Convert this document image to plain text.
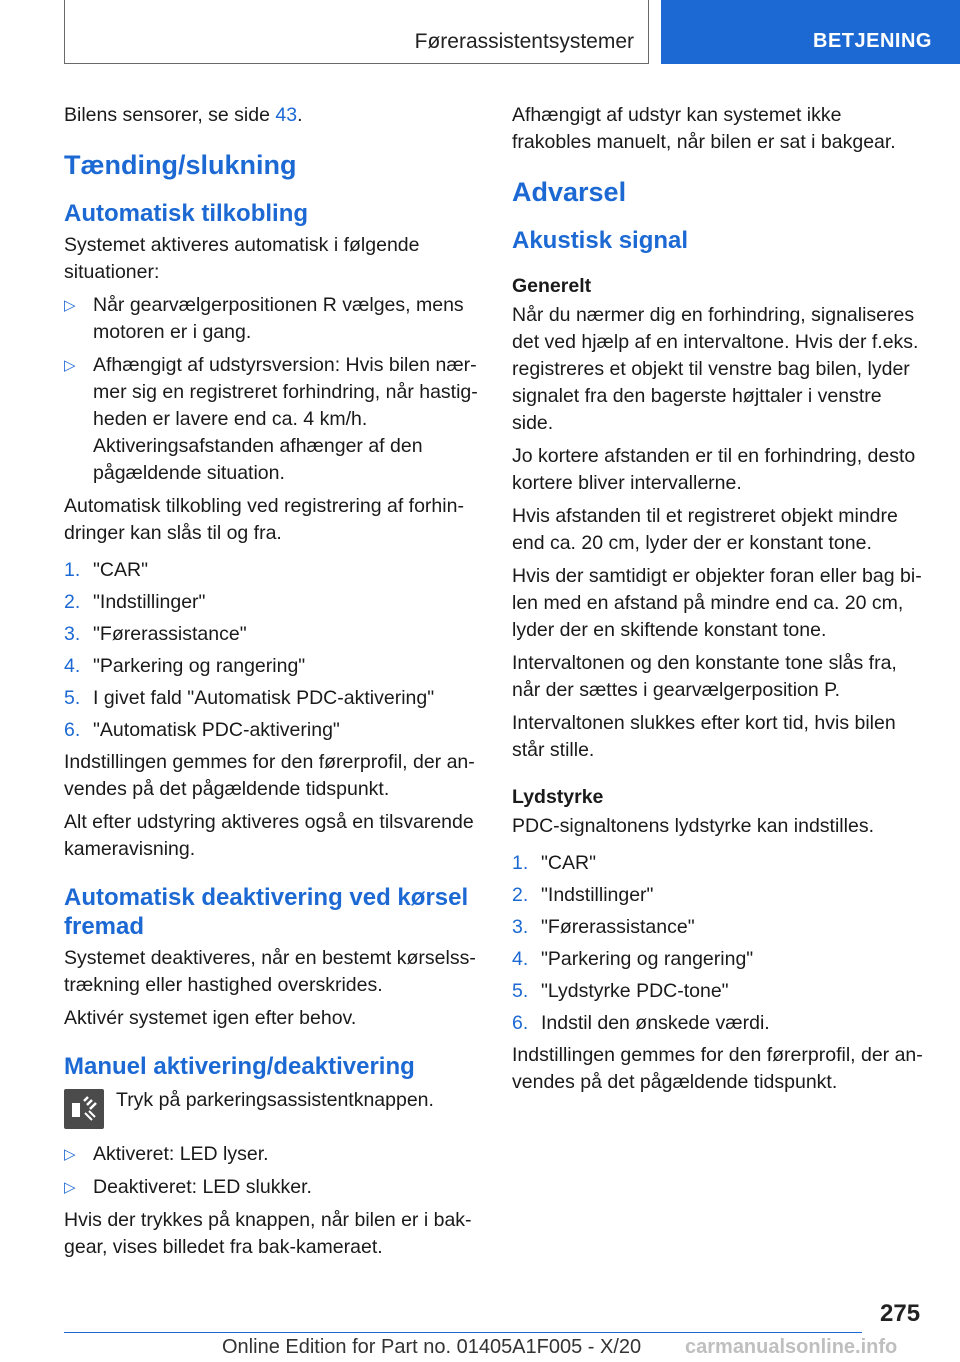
Førerassistentsystemer	BETJENING

Bilens sensorer, se side 43.

Tænding/slukning
Automatisk tilkobling

Systemet aktiveres automatisk i følgende situationer:

▷ Når gearvælgerpositionen R vælges, mens motoren er i gang.
▷ Afhængigt af udstyrsversion: Hvis bilen nærmer sig en registreret forhindring, når hastigheden er lavere end ca. 4 km/h. Aktiveringsafstanden afhænger af den pågældende situation.

Automatisk tilkobling ved registrering af forhindringer kan slås til og fra.

1. "CAR"
2. "Indstillinger"
3. "Førerassistance"
4. "Parkering og rangering"
5. I givet fald "Automatisk PDC-aktivering"
6. "Automatisk PDC-aktivering"

Indstillingen gemmes for den førerprofil, der anvendes på det pågældende tidspunkt.

Alt efter udstyring aktiveres også en tilsvarende kameravisning.

Automatisk deaktivering ved kørsel fremad

Systemet deaktiveres, når en bestemt kørselsstrækning eller hastighed overskrides.

Aktivér systemet igen efter behov.

Manuel aktivering/deaktivering
Tryk på parkeringsassistentknappen.
▷ Aktiveret: LED lyser.
▷ Deaktiveret: LED slukker.

Hvis der trykkes på knappen, når bilen er i bakgear, vises billedet fra bak-kameraet.

Afhængigt af udstyr kan systemet ikke frakobles manuelt, når bilen er sat i bakgear.

Advarsel
Akustisk signal
Generelt

Når du nærmer dig en forhindring, signaliseres det ved hjælp af en intervaltone. Hvis der f.eks. registreres et objekt til venstre bag bilen, lyder signalet fra den bagerste højttaler i venstre side.

Jo kortere afstanden er til en forhindring, desto kortere bliver intervallerne.

Hvis afstanden til et registreret objekt mindre end ca. 20 cm, lyder der er konstant tone.

Hvis der samtidigt er objekter foran eller bag bilen med en afstand på mindre end ca. 20 cm, lyder der en skiftende konstant tone.

Intervaltonen og den konstante tone slås fra, når der sættes i gearvælgerposition P.

Intervaltonen slukkes efter kort tid, hvis bilen står stille.

Lydstyrke

PDC-signaltonens lydstyrke kan indstilles.

1. "CAR"
2. "Indstillinger"
3. "Førerassistance"
4. "Parkering og rangering"
5. "Lydstyrke PDC-tone"
6. Indstil den ønskede værdi.

Indstillingen gemmes for den førerprofil, der anvendes på det pågældende tidspunkt.

275
Online Edition for Part no. 01405A1F005 - X/20 carmanualsonline.info
